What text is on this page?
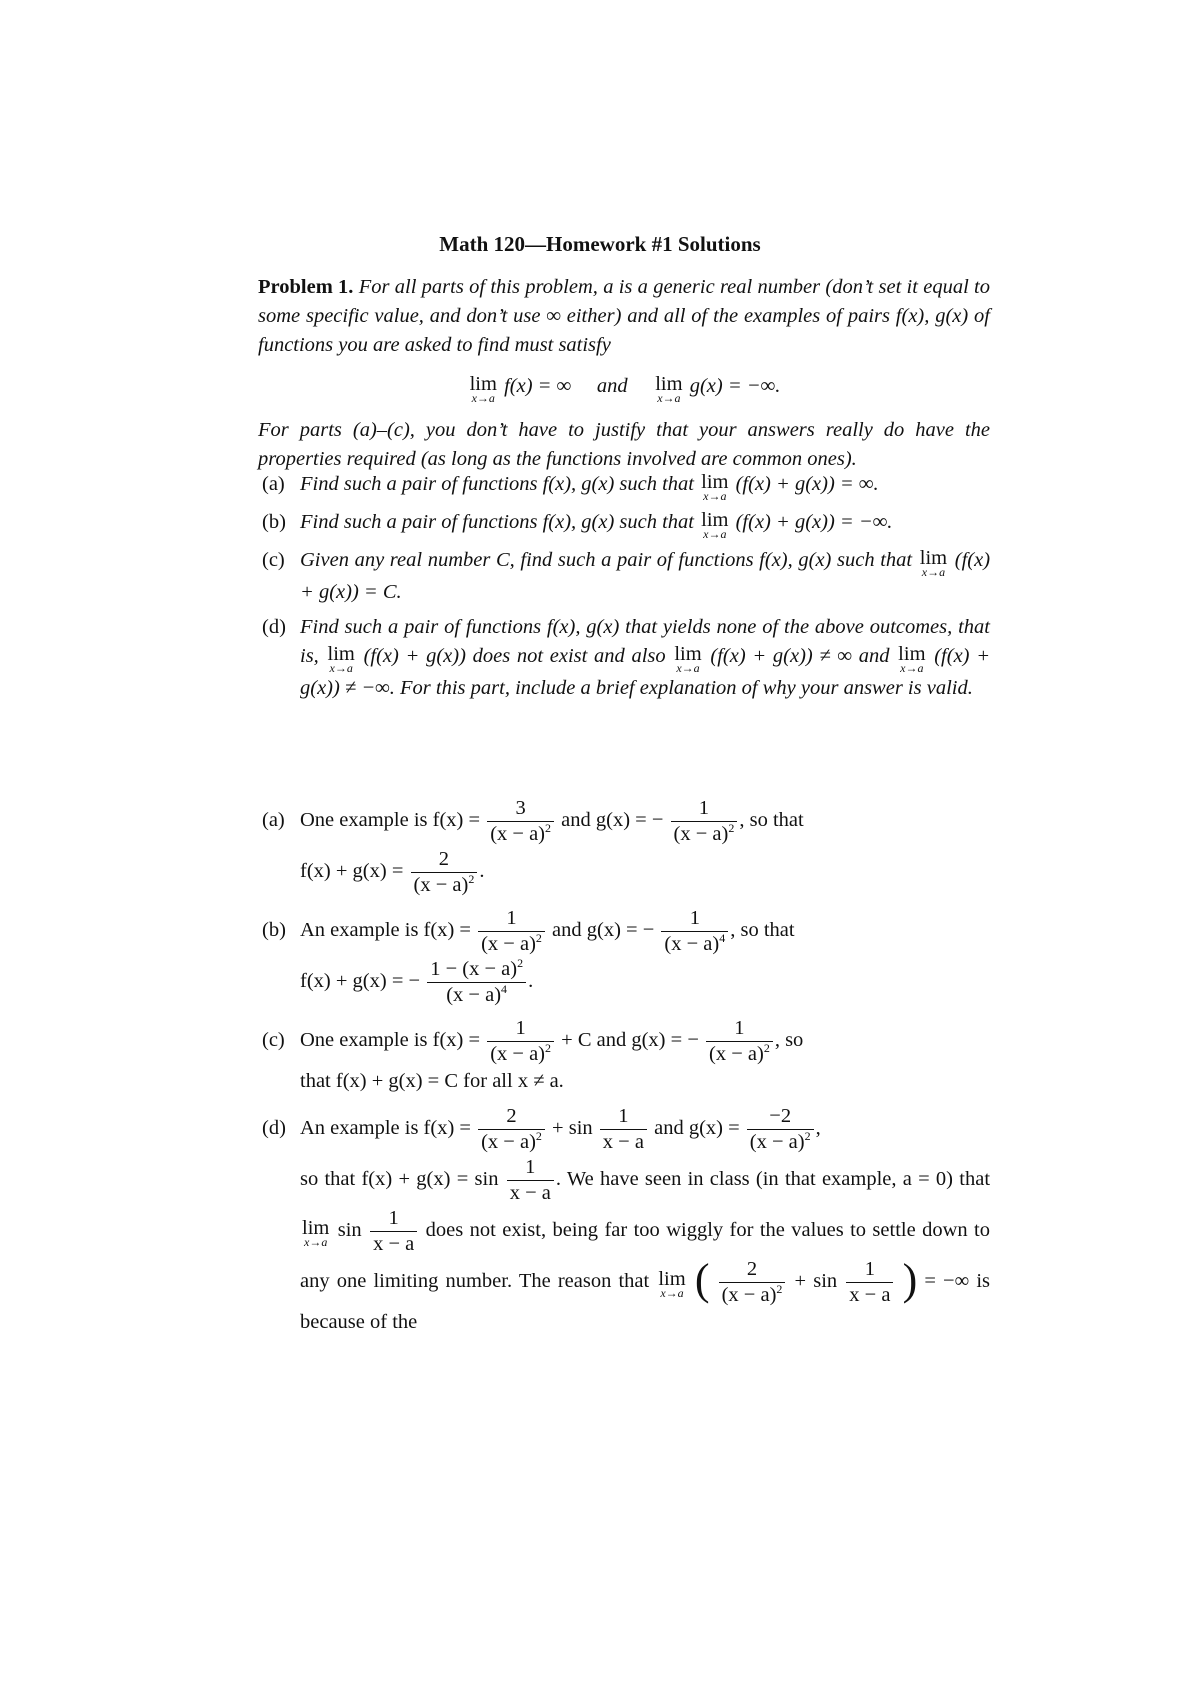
Math 120—Homework #1 Solutions
Problem 1. For all parts of this problem, a is a generic real number (don’t set it equal to some specific value, and don’t use ∞ either) and all of the examples of pairs f(x), g(x) of functions you are asked to find must satisfy
lim
x→a
f(x) = ∞ and lim
x→a
g(x) = −∞.
For parts (a)–(c), you don’t have to justify that your answers really do have the properties required (as long as the functions involved are common ones).
(a) Find such a pair of functions f(x), g(x) such that lim
x→a
(f(x) + g(x)) = ∞.
(b) Find such a pair of functions f(x), g(x) such that lim
x→a
(f(x) + g(x)) = −∞.
(c) Given any real number C, find such a pair of functions f(x), g(x) such that lim
x→a
(f(x) + g(x)) = C.
(d) Find such a pair of functions f(x), g(x) that yields none of the above outcomes, that is, lim
x→a
(f(x) + g(x)) does not exist and also lim
x→a
(f(x) + g(x)) ≠ ∞ and lim
x→a
(f(x) + g(x)) ≠ −∞. For this part, include a brief explanation of why your answer is valid.
(a) One example is $f(x) = \frac{3}{(x - a)^2}$ and g(x) = − $\frac{1}{(x - a)^2}$ , so that
$f(x) + g(x) = \frac{2}{(x - a)^2}$ .
(b) An example is $f(x) = \frac{1}{(x - a)^2}$ and g(x) = − $\frac{1}{(x - a)^4}$ , so that
f(x) + g(x) = − $\frac{1 - (x - a)^2}{(x - a)^4}$ .
(c) One example is $f(x) = \frac{1}{(x - a)^2} + C$ and g(x) = − $\frac{1}{(x - a)^2}$ , so
that f(x) + g(x) = C for all x ≠ a.
(d) An example is $f(x) = \frac{2}{(x - a)^2} + \sin \frac{1}{x - a}$ and $g(x) = \frac{-2}{(x - a)^2}$ ,
so that $f(x) + g(x) = \sin \frac{1}{x - a}$ . We have seen in class (in that example, a = 0) that
lim
x→a
$\sin \frac{1}{x - a}$ does not exist, being far too wiggly for the values to settle down to any one limiting number. The reason that lim
x→a ( $\frac{2}{(x - a)^2} + \sin \frac{1}{x - a}$ ) = −∞ is because of the
